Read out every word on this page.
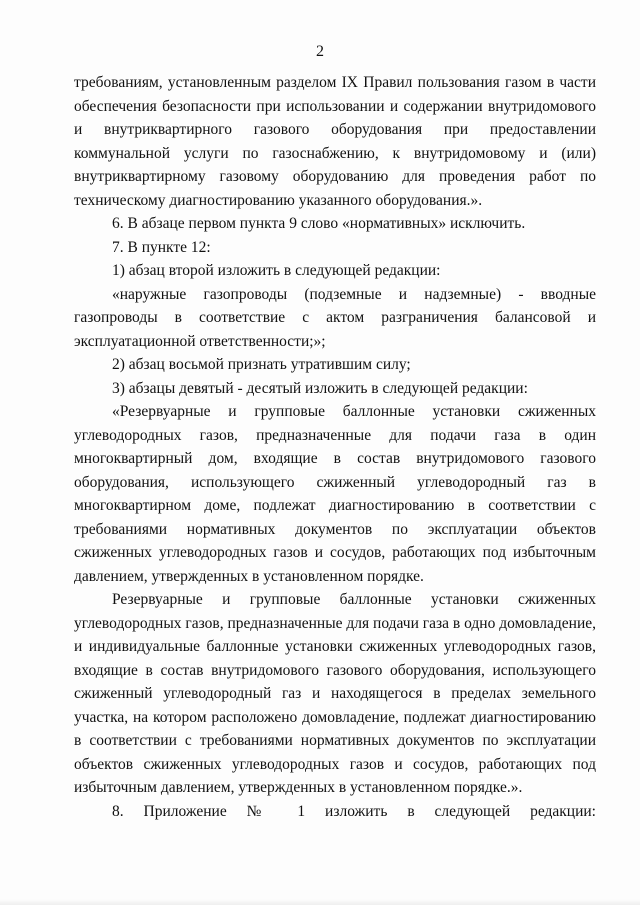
2

требованиям, установленным разделом IX Правил пользования газом в части обеспечения безопасности при использовании и содержании внутридомового и внутриквартирного газового оборудования при предоставлении коммунальной услуги по газоснабжению, к внутридомовому и (или) внутриквартирному газовому оборудованию для проведения работ по техническому диагностированию указанного оборудования.».

6. В абзаце первом пункта 9 слово «нормативных» исключить.

7. В пункте 12:

1) абзац второй изложить в следующей редакции:

«наружные газопроводы (подземные и надземные) - вводные газопроводы в соответствие с актом разграничения балансовой и эксплуатационной ответственности;»;

2) абзац восьмой признать утратившим силу;

3) абзацы девятый - десятый изложить в следующей редакции:

«Резервуарные и групповые баллонные установки сжиженных углеводородных газов, предназначенные для подачи газа в один многоквартирный дом, входящие в состав внутридомового газового оборудования, использующего сжиженный углеводородный газ в многоквартирном доме, подлежат диагностированию в соответствии с требованиями нормативных документов по эксплуатации объектов сжиженных углеводородных газов и сосудов, работающих под избыточным давлением, утвержденных в установленном порядке.

Резервуарные и групповые баллонные установки сжиженных углеводородных газов, предназначенные для подачи газа в одно домовладение, и индивидуальные баллонные установки сжиженных углеводородных газов, входящие в состав внутридомового газового оборудования, использующего сжиженный углеводородный газ и находящегося в пределах земельного участка, на котором расположено домовладение, подлежат диагностированию в соответствии с требованиями нормативных документов по эксплуатации объектов сжиженных углеводородных газов и сосудов, работающих под избыточным давлением, утвержденных в установленном порядке.».

8. Приложение № 1 изложить в следующей редакции:
